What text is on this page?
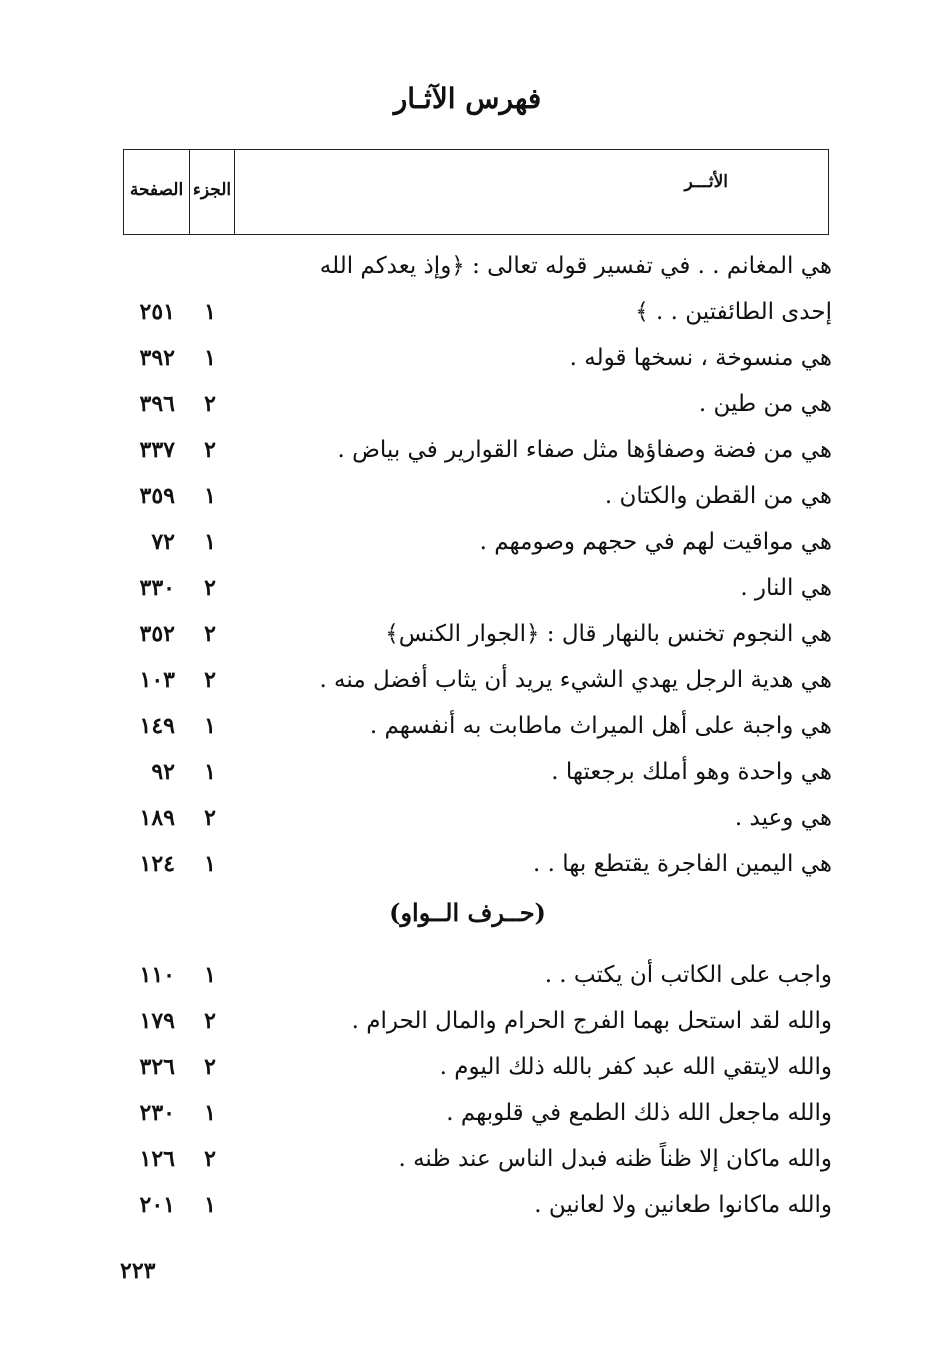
فهرس الآثـار
الصفحة الجزء	الأثـــر
هي المغانم . . في تفسير قوله تعالى : ﴿وإذ يعدكم الله
إحدى الطائفتين . . ﴾
١
٢٥١
هي منسوخة ، نسخها قوله .
١
٣٩٢
هي من طين .
٢
٣٩٦
هي من فضة وصفاؤها مثل صفاء القوارير في بياض .
٢
٣٣٧
هي من القطن والكتان .
١
٣٥٩
هي مواقيت لهم في حجهم وصومهم .
١
٧٢
هي النار .
٢
٣٣٠
هي النجوم تخنس بالنهار قال : ﴿الجوار الكنس﴾
٢
٣٥٢
هي هدية الرجل يهدي الشيء يريد أن يثاب أفضل منه .
٢
١٠٣
هي واجبة على أهل الميراث ماطابت به أنفسهم .
١
١٤٩
هي واحدة وهو أملك برجعتها .
١
٩٢
هي وعيد .
٢
١٨٩
هي اليمين الفاجرة يقتطع بها . .
١
١٢٤
(حــرف الــواو)
واجب على الكاتب أن يكتب . .
١
١١٠
والله لقد استحل بهما الفرج الحرام والمال الحرام .
٢
١٧٩
والله لايتقي الله عبد كفر بالله ذلك اليوم .
٢
٣٢٦
والله ماجعل الله ذلك الطمع في قلوبهم .
١
٢٣٠
والله ماكان إلا ظناً ظنه فبدل الناس عند ظنه .
٢
١٢٦
والله ماكانوا طعانين ولا لعانين .
١
٢٠١
٢٢٣
